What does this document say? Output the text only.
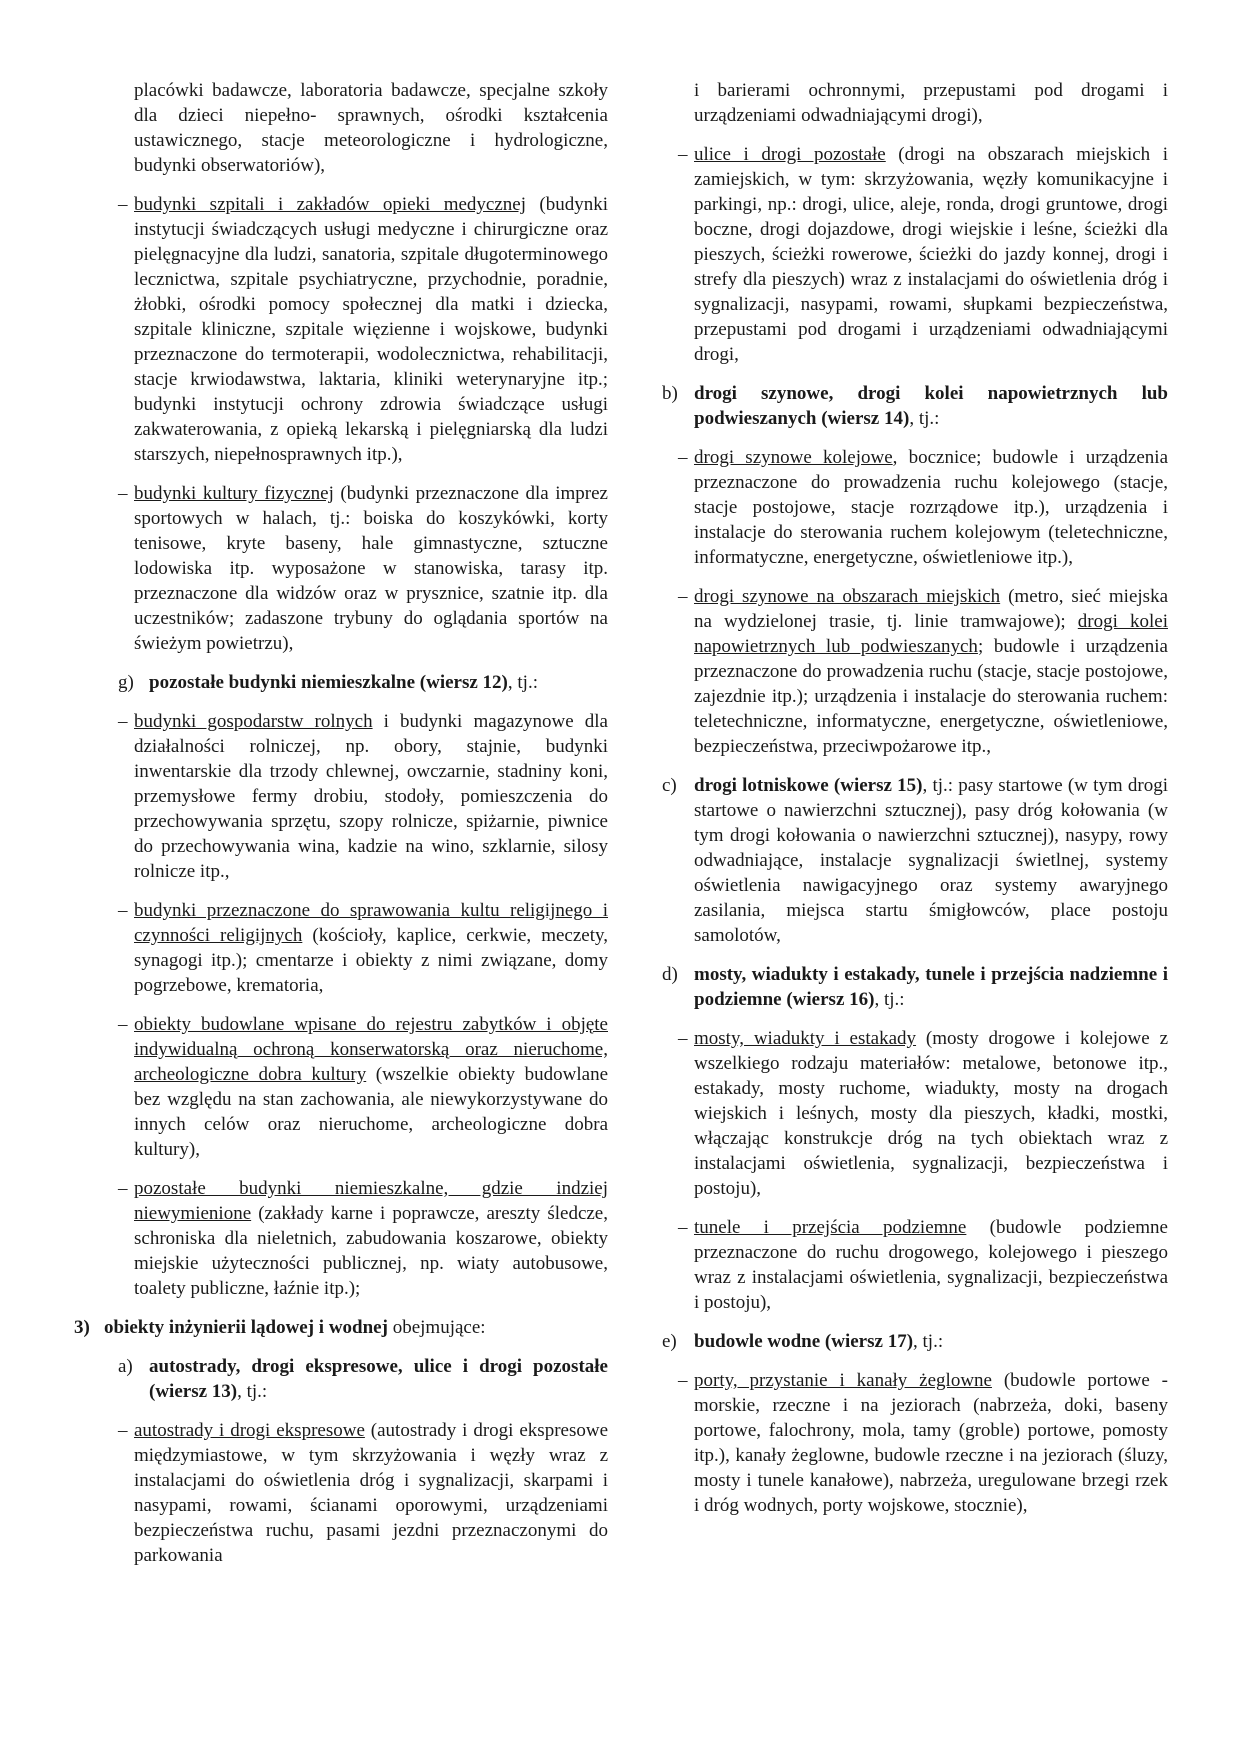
placówki badawcze, laboratoria badawcze, specjalne szkoły dla dzieci niepełno- sprawnych, ośrodki kształcenia ustawicznego, stacje meteorologiczne i hydrologiczne, budynki obserwatoriów),

– budynki szpitali i zakładów opieki medycznej (budynki instytucji świadczących usługi medyczne i chirurgiczne oraz pielęgnacyjne dla ludzi, sanatoria, szpitale długoterminowego lecznictwa, szpitale psychiatryczne, przychodnie, poradnie, żłobki, ośrodki pomocy społecznej dla matki i dziecka, szpitale kliniczne, szpitale więzienne i wojskowe, budynki przeznaczone do termoterapii, wodolecznictwa, rehabilitacji, stacje krwiodawstwa, laktaria, kliniki weterynaryjne itp.; budynki instytucji ochrony zdrowia świadczące usługi zakwaterowania, z opieką lekarską i pielęgniarską dla ludzi starszych, niepełnosprawnych itp.),

– budynki kultury fizycznej (budynki przeznaczone dla imprez sportowych w halach, tj.: boiska do koszykówki, korty tenisowe, kryte baseny, hale gimnastyczne, sztuczne lodowiska itp. wyposażone w stanowiska, tarasy itp. przeznaczone dla widzów oraz w prysznice, szatnie itp. dla uczestników; zadaszone trybuny do oglądania sportów na świeżym powietrzu),

g) pozostałe budynki niemieszkalne (wiersz 12), tj.:

– budynki gospodarstw rolnych i budynki magazynowe dla działalności rolniczej, np. obory, stajnie, budynki inwentarskie dla trzody chlewnej, owczarnie, stadniny koni, przemysłowe fermy drobiu, stodoły, pomieszczenia do przechowywania sprzętu, szopy rolnicze, spiżarnie, piwnice do przechowywania wina, kadzie na wino, szklarnie, silosy rolnicze itp.,

– budynki przeznaczone do sprawowania kultu religijnego i czynności religijnych (kościoły, kaplice, cerkwie, meczety, synagogi itp.); cmentarze i obiekty z nimi związane, domy pogrzebowe, krematoria,

– obiekty budowlane wpisane do rejestru zabytków i objęte indywidualną ochroną konserwatorską oraz nieruchome, archeologiczne dobra kultury (wszelkie obiekty budowlane bez względu na stan zachowania, ale niewykorzystywane do innych celów oraz nieruchome, archeologiczne dobra kultury),

– pozostałe budynki niemieszkalne, gdzie indziej niewymienione (zakłady karne i poprawcze, areszty śledcze, schroniska dla nieletnich, zabudowania koszarowe, obiekty miejskie użyteczności publicznej, np. wiaty autobusowe, toalety publiczne, łaźnie itp.);

3) obiekty inżynierii lądowej i wodnej obejmujące:

a) autostrady, drogi ekspresowe, ulice i drogi pozostałe (wiersz 13), tj.:

– autostrady i drogi ekspresowe (autostrady i drogi ekspresowe międzymiastowe, w tym skrzyżowania i węzły wraz z instalacjami do oświetlenia dróg i sygnalizacji, skarpami i nasypami, rowami, ścianami oporowymi, urządzeniami bezpieczeństwa ruchu, pasami jezdni przeznaczonymi do parkowania

i barierami ochronnymi, przepustami pod drogami i urządzeniami odwadniającymi drogi),

– ulice i drogi pozostałe (drogi na obszarach miejskich i zamiejskich, w tym: skrzyżowania, węzły komunikacyjne i parkingi, np.: drogi, ulice, aleje, ronda, drogi gruntowe, drogi boczne, drogi dojazdowe, drogi wiejskie i leśne, ścieżki dla pieszych, ścieżki rowerowe, ścieżki do jazdy konnej, drogi i strefy dla pieszych) wraz z instalacjami do oświetlenia dróg i sygnalizacji, nasypami, rowami, słupkami bezpieczeństwa, przepustami pod drogami i urządzeniami odwadniającymi drogi,

b) drogi szynowe, drogi kolei napowietrznych lub podwieszanych (wiersz 14), tj.:

– drogi szynowe kolejowe, bocznice; budowle i urządzenia przeznaczone do prowadzenia ruchu kolejowego (stacje, stacje postojowe, stacje rozrządowe itp.), urządzenia i instalacje do sterowania ruchem kolejowym (teletechniczne, informatyczne, energetyczne, oświetleniowe itp.),

– drogi szynowe na obszarach miejskich (metro, sieć miejska na wydzielonej trasie, tj. linie tramwajowe); drogi kolei napowietrznych lub podwieszanych; budowle i urządzenia przeznaczone do prowadzenia ruchu (stacje, stacje postojowe, zajezdnie itp.); urządzenia i instalacje do sterowania ruchem: teletechniczne, informatyczne, energetyczne, oświetleniowe, bezpieczeństwa, przeciwpożarowe itp.,

c) drogi lotniskowe (wiersz 15), tj.: pasy startowe (w tym drogi startowe o nawierzchni sztucznej), pasy dróg kołowania (w tym drogi kołowania o nawierzchni sztucznej), nasypy, rowy odwadniające, instalacje sygnalizacji świetlnej, systemy oświetlenia nawigacyjnego oraz systemy awaryjnego zasilania, miejsca startu śmigłowców, place postoju samolotów,

d) mosty, wiadukty i estakady, tunele i przejścia nadziemne i podziemne (wiersz 16), tj.:

– mosty, wiadukty i estakady (mosty drogowe i kolejowe z wszelkiego rodzaju materiałów: metalowe, betonowe itp., estakady, mosty ruchome, wiadukty, mosty na drogach wiejskich i leśnych, mosty dla pieszych, kładki, mostki, włączając konstrukcje dróg na tych obiektach wraz z instalacjami oświetlenia, sygnalizacji, bezpieczeństwa i postoju),

– tunele i przejścia podziemne (budowle podziemne przeznaczone do ruchu drogowego, kolejowego i pieszego wraz z instalacjami oświetlenia, sygnalizacji, bezpieczeństwa i postoju),

e) budowle wodne (wiersz 17), tj.:

– porty, przystanie i kanały żeglowne (budowle portowe - morskie, rzeczne i na jeziorach (nabrzeża, doki, baseny portowe, falochrony, mola, tamy (groble) portowe, pomosty itp.), kanały żeglowne, budowle rzeczne i na jeziorach (śluzy, mosty i tunele kanałowe), nabrzeża, uregulowane brzegi rzek i dróg wodnych, porty wojskowe, stocznie),
